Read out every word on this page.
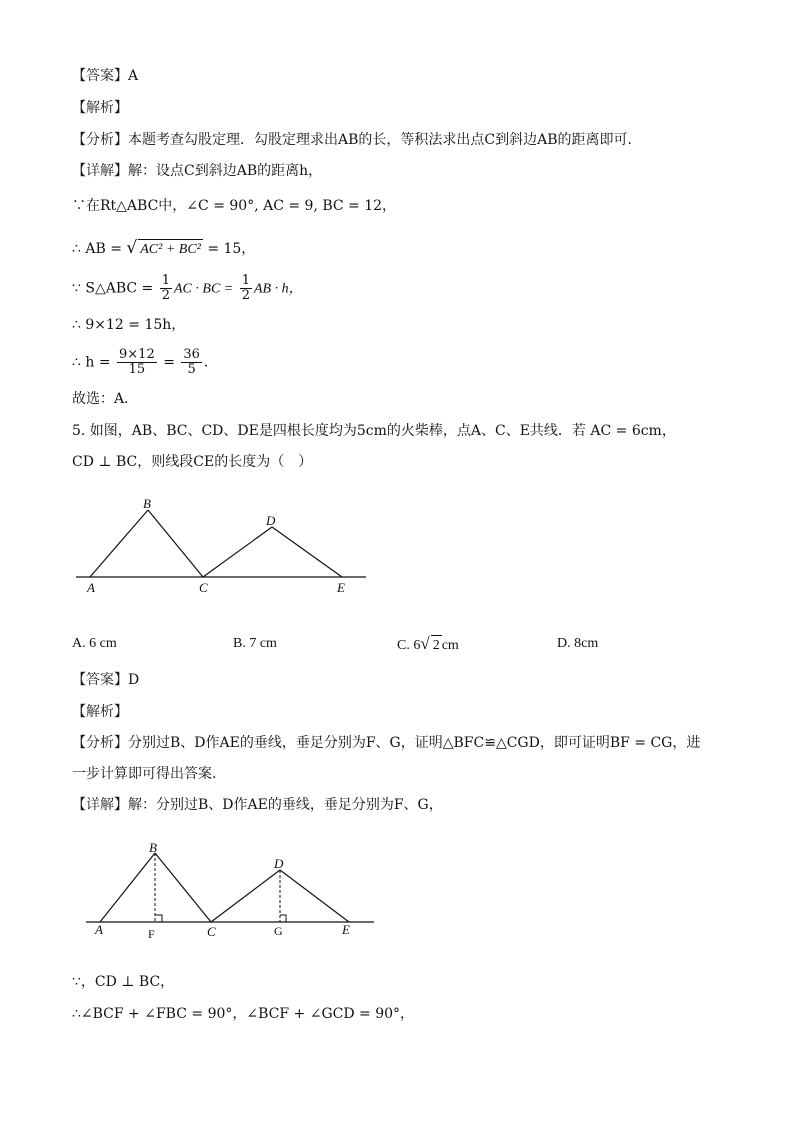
【答案】A
【解析】
【分析】本题考查勾股定理．勾股定理求出AB的长，等积法求出点C到斜边AB的距离即可．
【详解】解：设点C到斜边AB的距离h，
∵在Rt△ABC中，∠C = 90°, AC = 9, BC = 12，
∴ AB = √ AC² + BC² = 15，
∵ S△ABC = $\frac{1}{2}$ AC · BC = $\frac{1}{2}$ AB · h，
∴ 9×12 = 15h，
∴ $h = \frac{9\times 12}{15} = \frac{36}{5}$ ．
故选：A．
5. 如图，AB、BC、CD、DE是四根长度均为5cm的火柴棒，点A、C、E共线．若 AC = 6cm，
CD ⊥ BC，则线段CE的长度为（　）
A
B
C
D
E
A. 6 cm	B. 7 cm	C. 6√ 2 cm	D. 8cm
【答案】D
【解析】
【分析】分别过B、D作AE的垂线，垂足分别为F、G，证明△BFC≌△CGD，即可证明BF = CG，进
一步计算即可得出答案．
【详解】解：分别过B、D作AE的垂线，垂足分别为F、G，
A
B
C
D
E
F	G
∵，CD ⊥ BC，
∴∠BCF + ∠FBC = 90°，∠BCF + ∠GCD = 90°，
